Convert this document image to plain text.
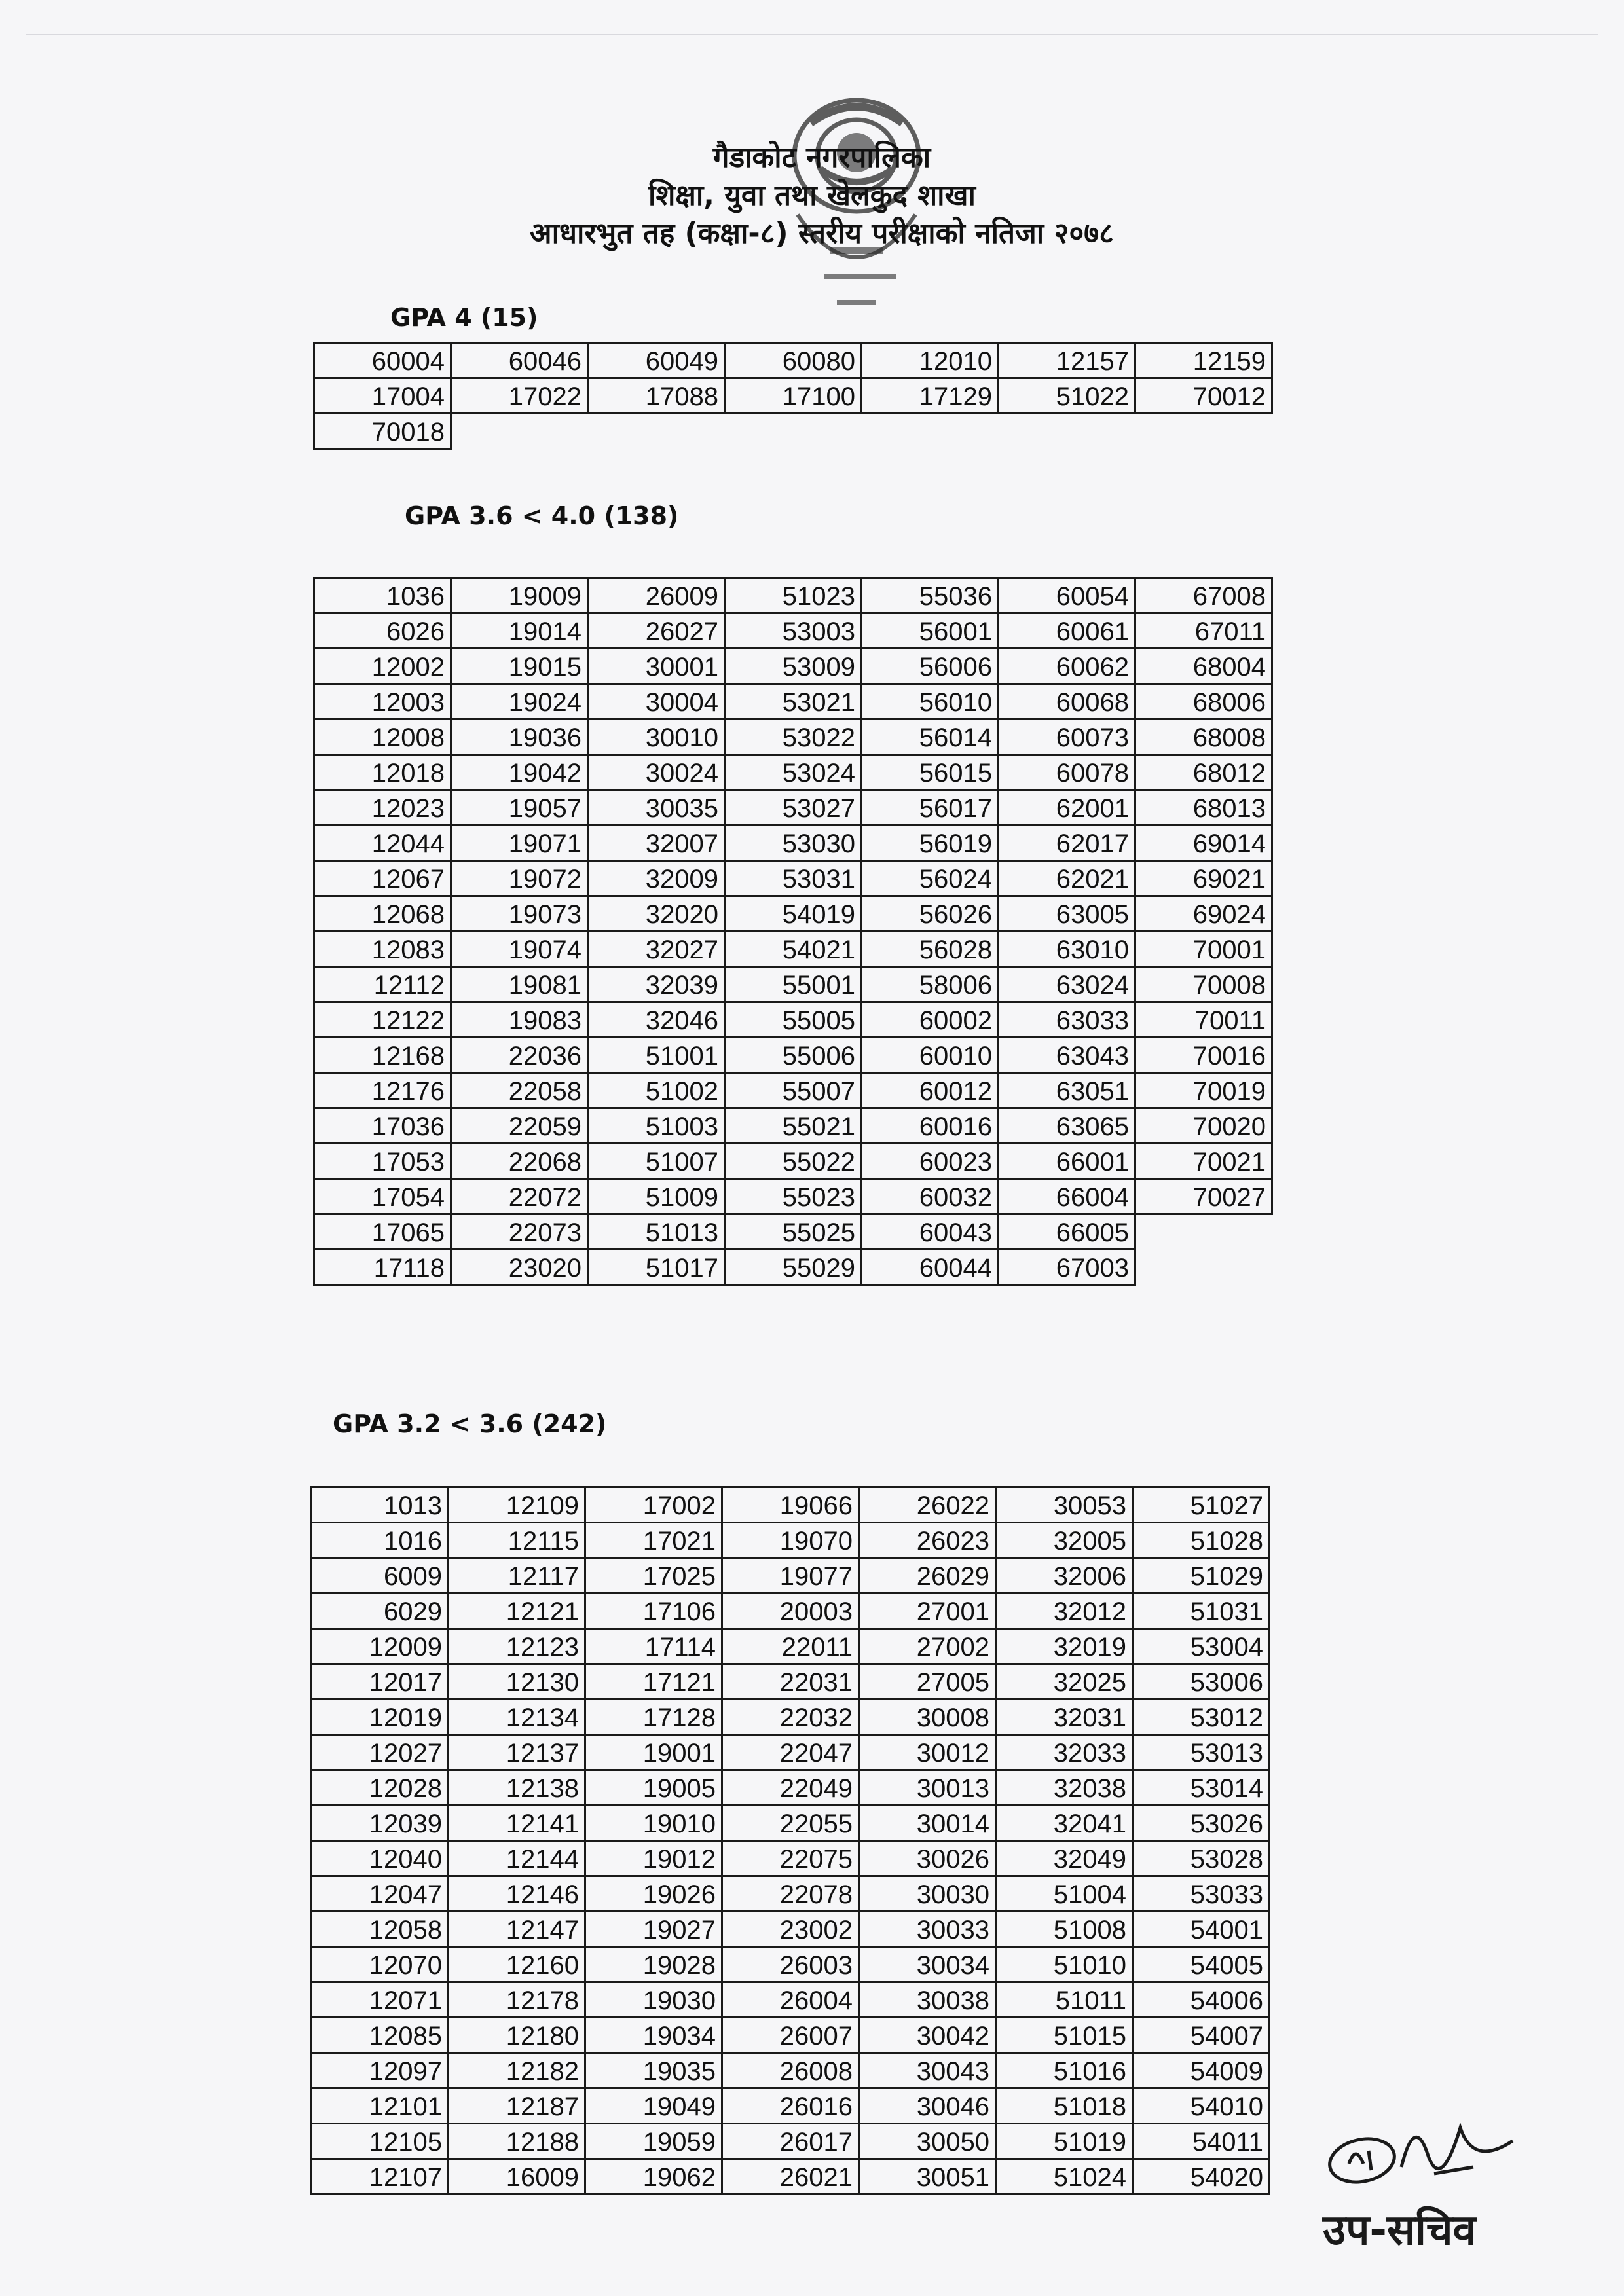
गैडाकोट नगरपालिका
शिक्षा, युवा तथा खेलकुद शाखा
आधारभुत तह (कक्षा-८) स्तरीय परीक्षाको नतिजा २०७८
GPA 4 (15)
60004	60046	60049	60080	12010	12157	12159
17004	17022	17088	17100	17129	51022	70012
70018						
GPA 3.6 < 4.0 (138)
1036	19009	26009	51023	55036	60054	67008
6026	19014	26027	53003	56001	60061	67011
12002	19015	30001	53009	56006	60062	68004
12003	19024	30004	53021	56010	60068	68006
12008	19036	30010	53022	56014	60073	68008
12018	19042	30024	53024	56015	60078	68012
12023	19057	30035	53027	56017	62001	68013
12044	19071	32007	53030	56019	62017	69014
12067	19072	32009	53031	56024	62021	69021
12068	19073	32020	54019	56026	63005	69024
12083	19074	32027	54021	56028	63010	70001
12112	19081	32039	55001	58006	63024	70008
12122	19083	32046	55005	60002	63033	70011
12168	22036	51001	55006	60010	63043	70016
12176	22058	51002	55007	60012	63051	70019
17036	22059	51003	55021	60016	63065	70020
17053	22068	51007	55022	60023	66001	70021
17054	22072	51009	55023	60032	66004	70027
17065	22073	51013	55025	60043	66005	
17118	23020	51017	55029	60044	67003	
GPA 3.2 < 3.6 (242)
1013	12109	17002	19066	26022	30053	51027
1016	12115	17021	19070	26023	32005	51028
6009	12117	17025	19077	26029	32006	51029
6029	12121	17106	20003	27001	32012	51031
12009	12123	17114	22011	27002	32019	53004
12017	12130	17121	22031	27005	32025	53006
12019	12134	17128	22032	30008	32031	53012
12027	12137	19001	22047	30012	32033	53013
12028	12138	19005	22049	30013	32038	53014
12039	12141	19010	22055	30014	32041	53026
12040	12144	19012	22075	30026	32049	53028
12047	12146	19026	22078	30030	51004	53033
12058	12147	19027	23002	30033	51008	54001
12070	12160	19028	26003	30034	51010	54005
12071	12178	19030	26004	30038	51011	54006
12085	12180	19034	26007	30042	51015	54007
12097	12182	19035	26008	30043	51016	54009
12101	12187	19049	26016	30046	51018	54010
12105	12188	19059	26017	30050	51019	54011
12107	16009	19062	26021	30051	51024	54020
उप-सचिव
